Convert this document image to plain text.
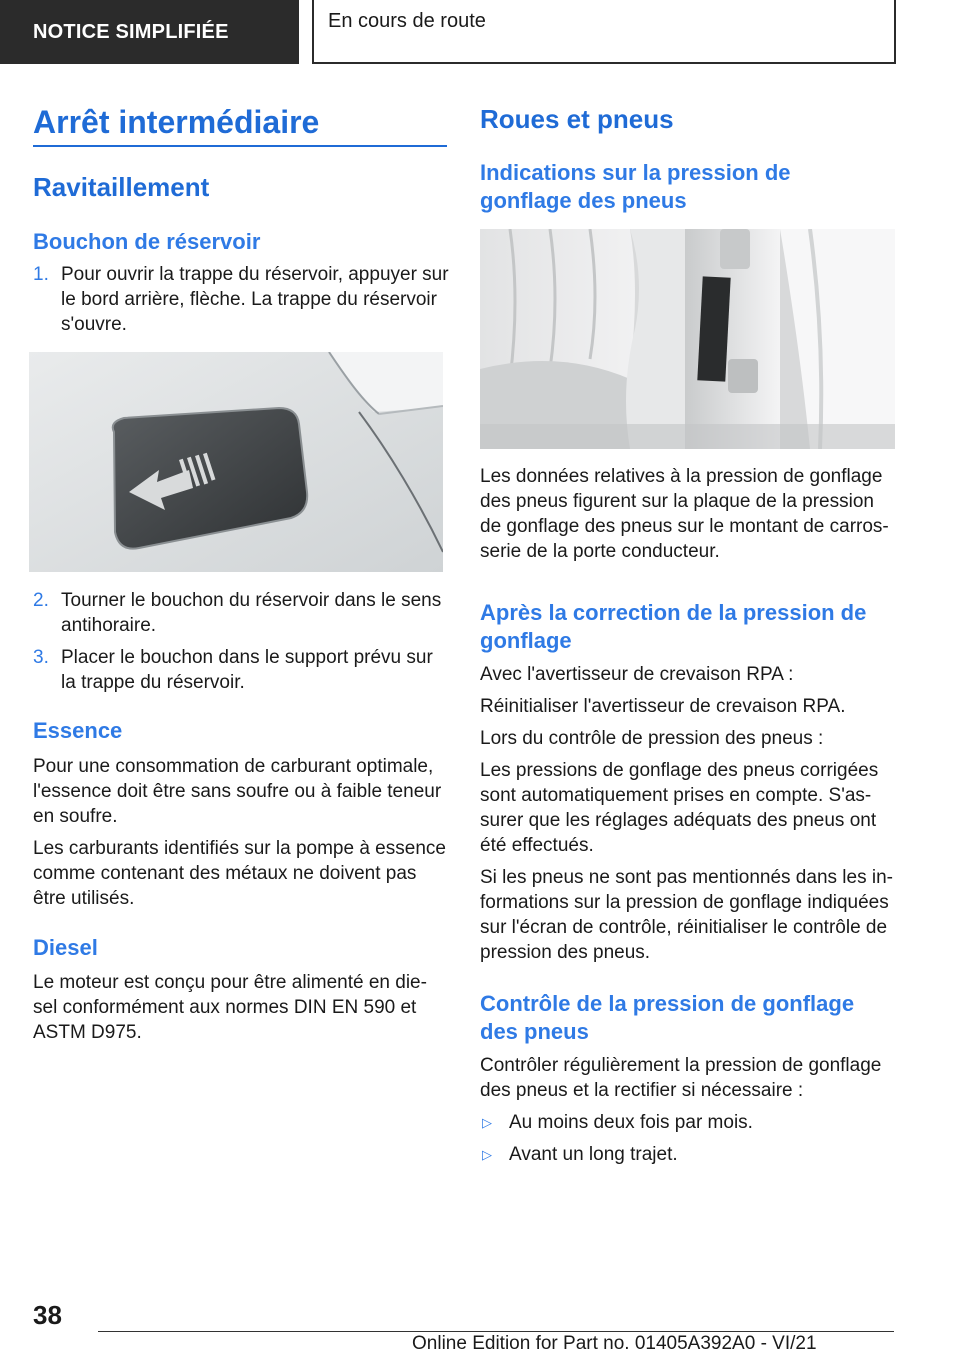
NOTICE SIMPLIFIÉE	En cours de route
Arrêt intermédiaire
Ravitaillement
Bouchon de réservoir
1. Pour ouvrir la trappe du réservoir, appuyer sur
le bord arrière, flèche. La trappe du réservoir
s'ouvre.
2. Tourner le bouchon du réservoir dans le sens
antihoraire.
3. Placer le bouchon dans le support prévu sur
la trappe du réservoir.
Essence
Pour une consommation de carburant optimale,
l'essence doit être sans soufre ou à faible teneur
en soufre.
Les carburants identifiés sur la pompe à essence
comme contenant des métaux ne doivent pas
être utilisés.
Diesel
Le moteur est conçu pour être alimenté en die-
sel conformément aux normes DIN EN 590 et
ASTM D975.
Roues et pneus
Indications sur la pression de
gonflage des pneus
Les données relatives à la pression de gonflage
des pneus figurent sur la plaque de la pression
de gonflage des pneus sur le montant de carros-
serie de la porte conducteur.
Après la correction de la pression de
gonflage
Avec l'avertisseur de crevaison RPA :
Réinitialiser l'avertisseur de crevaison RPA.
Lors du contrôle de pression des pneus :
Les pressions de gonflage des pneus corrigées
sont automatiquement prises en compte. S'as-
surer que les réglages adéquats des pneus ont
été effectués.
Si les pneus ne sont pas mentionnés dans les in-
formations sur la pression de gonflage indiquées
sur l'écran de contrôle, réinitialiser le contrôle de
pression des pneus.
Contrôle de la pression de gonflage
des pneus
Contrôler régulièrement la pression de gonflage
des pneus et la rectifier si nécessaire :
▷ Au moins deux fois par mois.
▷ Avant un long trajet.
38
Online Edition for Part no. 01405A392A0 - VI/21
